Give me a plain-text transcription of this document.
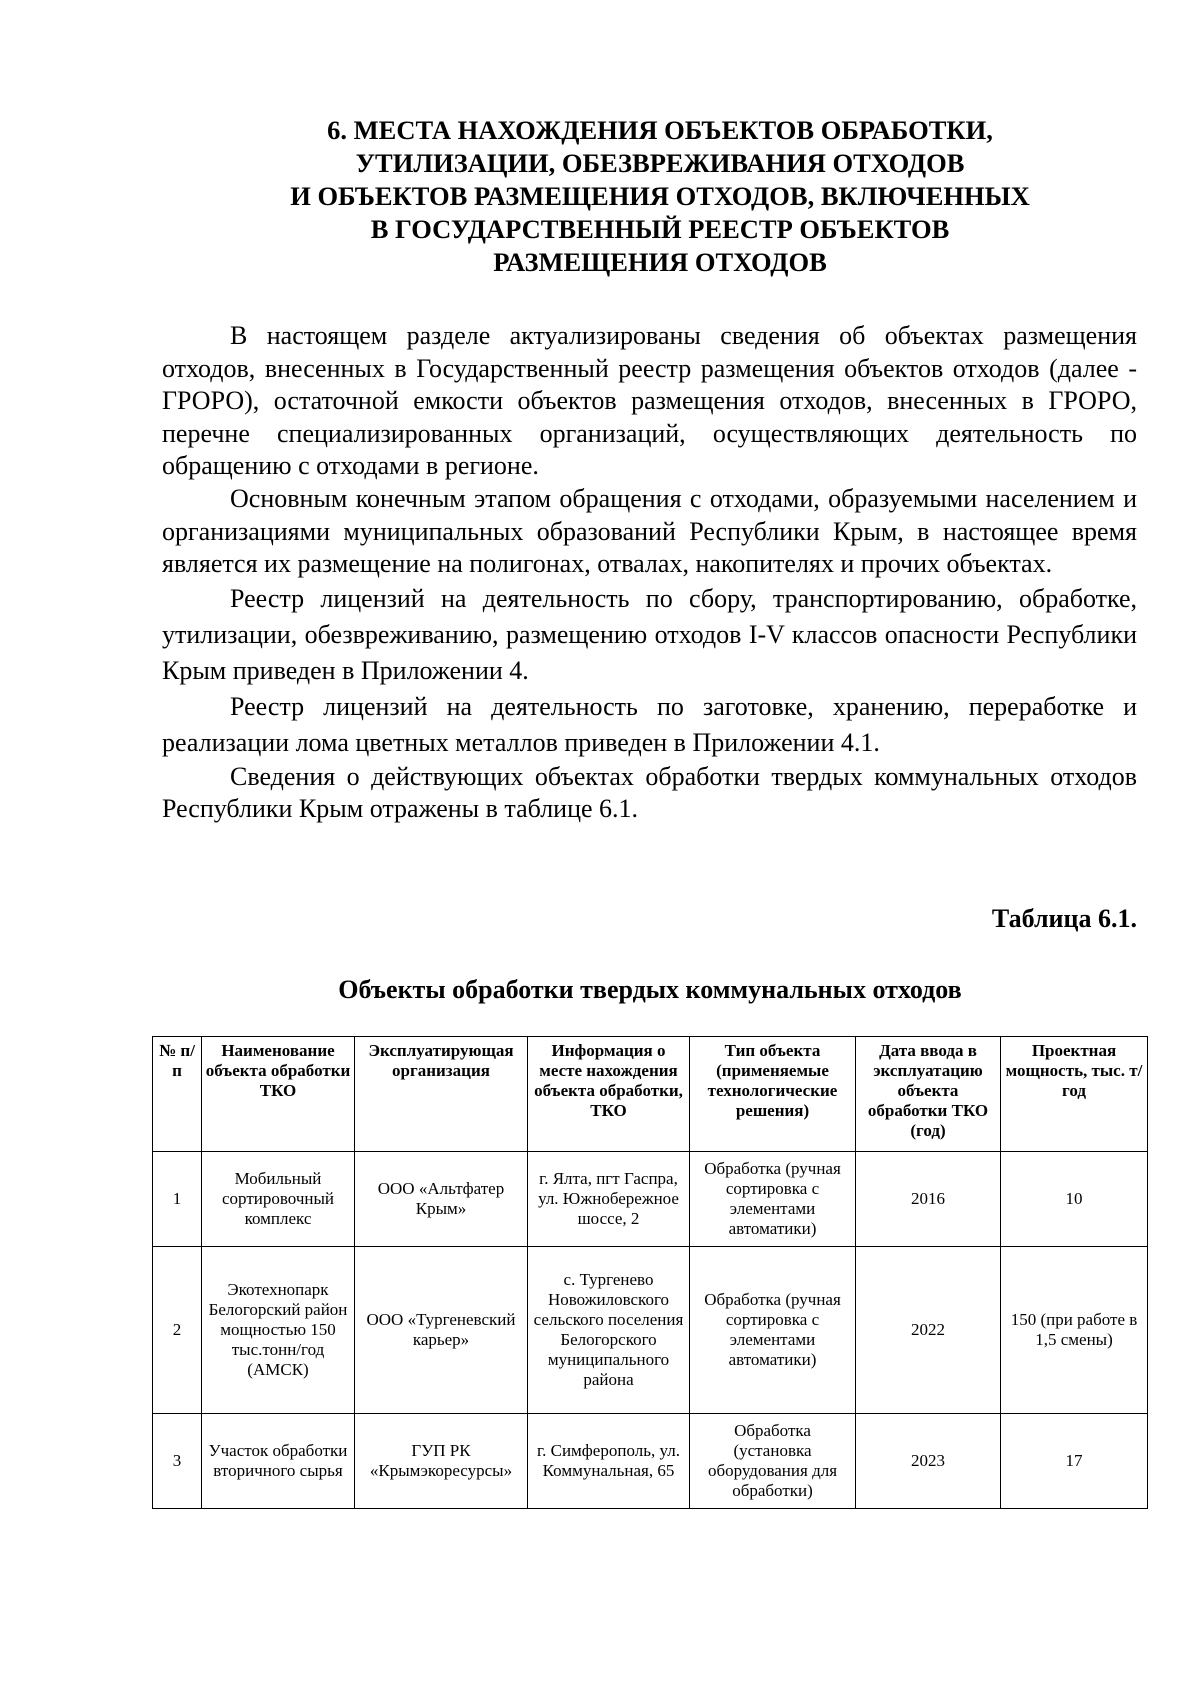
6. МЕСТА НАХОЖДЕНИЯ ОБЪЕКТОВ ОБРАБОТКИ,
УТИЛИЗАЦИИ, ОБЕЗВРЕЖИВАНИЯ ОТХОДОВ
И ОБЪЕКТОВ РАЗМЕЩЕНИЯ ОТХОДОВ, ВКЛЮЧЕННЫХ
В ГОСУДАРСТВЕННЫЙ РЕЕСТР ОБЪЕКТОВ
РАЗМЕЩЕНИЯ ОТХОДОВ

В настоящем разделе актуализированы сведения об объектах размещения отходов, внесенных в Государственный реестр размещения объектов отходов (далее - ГРОРО), остаточной емкости объектов размещения отходов, внесенных в ГРОРО, перечне специализированных организаций, осуществляющих деятельность по обращению с отходами в регионе.

Основным конечным этапом обращения с отходами, образуемыми населением и организациями муниципальных образований Республики Крым, в настоящее время является их размещение на полигонах, отвалах, накопителях и прочих объектах.

Реестр лицензий на деятельность по сбору, транспортированию, обработке, утилизации, обезвреживанию, размещению отходов I-V классов опасности Республики Крым приведен в Приложении 4.

Реестр лицензий на деятельность по заготовке, хранению, переработке и реализации лома цветных металлов приведен в Приложении 4.1.

Сведения о действующих объектах обработки твердых коммунальных отходов Республики Крым отражены в таблице 6.1.

Таблица 6.1.
Объекты обработки твердых коммунальных отходов
№ п/п	Наименование объекта обработки ТКО	Эксплуатирующая организация	Информация о месте нахождения объекта обработки, ТКО	Тип объекта (применяемые технологические решения)	Дата ввода в эксплуатацию объекта обработки ТКО (год)	Проектная мощность, тыс. т/год
1	Мобильный сортировочный комплекс	ООО «Альтфатер Крым»	г. Ялта, пгт Гаспра, ул. Южнобережное шоссе, 2	Обработка (ручная сортировка с элементами автоматики)	2016	10
2	Экотехнопарк Белогорский район мощностью 150 тыс.тонн/год (АМСК)	ООО «Тургеневский карьер»	с. Тургенево Новожиловского сельского поселения Белогорского муниципального района	Обработка (ручная сортировка с элементами автоматики)	2022	150 (при работе в 1,5 смены)
3	Участок обработки вторичного сырья	ГУП РК «Крымэкоресурсы»	г. Симферополь, ул. Коммунальная, 65	Обработка (установка оборудования для обработки)	2023	17
